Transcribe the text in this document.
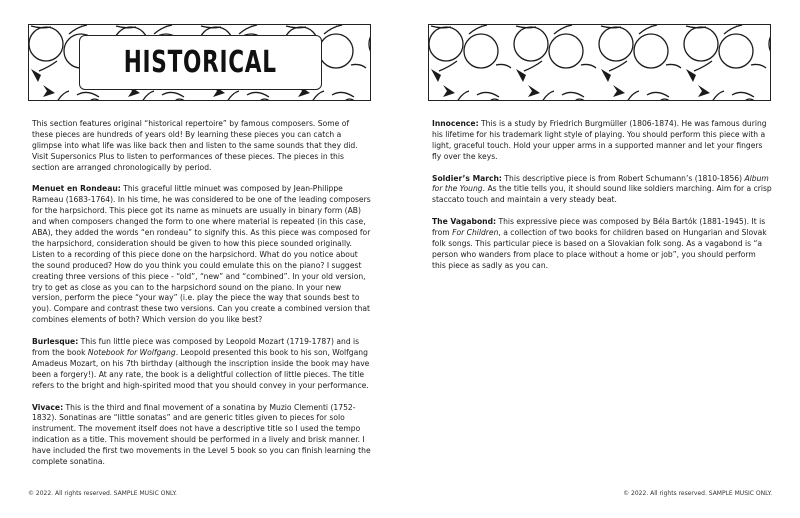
HISTORICAL

This section features original “historical repertoire” by famous composers. Some of these pieces are hundreds of years old! By learning these pieces you can catch a glimpse into what life was like back then and listen to the same sounds that they did. Visit Supersonics Plus to listen to performances of these pieces. The pieces in this section are arranged chronologically by period.

Menuet en Rondeau: This graceful little minuet was composed by Jean-Philippe Rameau (1683-1764). In his time, he was considered to be one of the leading composers for the harpsichord. This piece got its name as minuets are usually in binary form (AB) and when composers changed the form to one where material is repeated (in this case, ABA), they added the words “en rondeau” to signify this. As this piece was composed for the harpsichord, consideration should be given to how this piece sounded originally. Listen to a recording of this piece done on the harpsichord. What do you notice about the sound produced? How do you think you could emulate this on the piano? I suggest creating three versions of this piece - “old”, “new” and “combined”. In your old version, try to get as close as you can to the harpsichord sound on the piano. In your new version, perform the piece “your way” (i.e. play the piece the way that sounds best to you). Compare and contrast these two versions. Can you create a combined version that combines elements of both? Which version do you like best?

Burlesque: This fun little piece was composed by Leopold Mozart (1719-1787) and is from the book Notebook for Wolfgang. Leopold presented this book to his son, Wolfgang Amadeus Mozart, on his 7th birthday (although the inscription inside the book may have been a forgery!). At any rate, the book is a delightful collection of little pieces. The title refers to the bright and high-spirited mood that you should convey in your performance.

Vivace: This is the third and final movement of a sonatina by Muzio Clementi (1752-1832). Sonatinas are “little sonatas” and are generic titles given to pieces for solo instrument. The movement itself does not have a descriptive title so I used the tempo indication as a title. This movement should be performed in a lively and brisk manner. I have included the first two movements in the Level 5 book so you can finish learning the complete sonatina.

© 2022. All rights reserved. SAMPLE MUSIC ONLY.

Innocence: This is a study by Friedrich Burgmüller (1806-1874). He was famous during his lifetime for his trademark light style of playing. You should perform this piece with a light, graceful touch. Hold your upper arms in a supported manner and let your fingers fly over the keys.

Soldier’s March: This descriptive piece is from Robert Schumann’s (1810-1856) Album for the Young. As the title tells you, it should sound like soldiers marching. Aim for a crisp staccato touch and maintain a very steady beat.

The Vagabond: This expressive piece was composed by Béla Bartók (1881-1945). It is from For Children, a collection of two books for children based on Hungarian and Slovak folk songs. This particular piece is based on a Slovakian folk song. As a vagabond is “a person who wanders from place to place without a home or job”, you should perform this piece as sadly as you can.

© 2022. All rights reserved. SAMPLE MUSIC ONLY.
